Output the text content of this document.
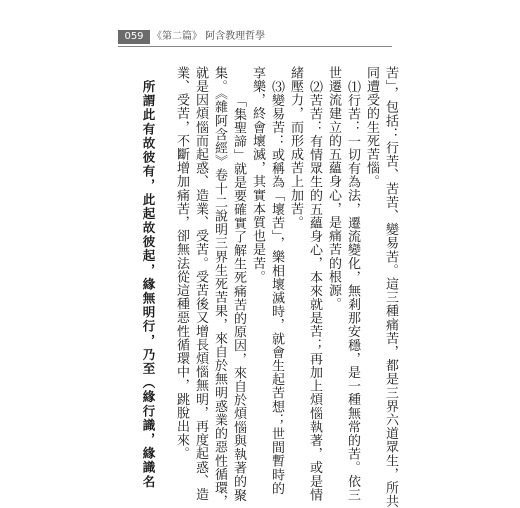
059 《第二篇》 阿含教理哲學
苦」，包括：行苦、苦苦、變易苦。這三種痛苦，都是三界六道眾生，所共
同遭受的生死苦惱。
⑴行苦：一切有為法，遷流變化，無剎那安穩，是一種無常的苦。依三
世遷流建立的五蘊身心，是痛苦的根源。
⑵苦苦：有情眾生的五蘊身心，本來就是苦；再加上煩惱執著，或是情
緒壓力，而形成苦上加苦。
⑶變易苦：或稱為「壞苦」，樂相壞滅時，就會生起苦想；世間暫時的
享樂，終會壞滅，其實本質也是苦。
「集聖諦」就是要確實了解生死痛苦的原因，來自於煩惱與執著的聚
集。《雜阿含經》卷十二說明三界生死苦果，來自於無明惑業的惡性循環，
就是因煩惱而起惑、造業、受苦。受苦後又增長煩惱無明，再度起惑、造
業、受苦，不斷增加痛苦，卻無法從這種惡性循環中，跳脫出來。
所謂此有故彼有，此起故彼起，緣無明行，乃至（緣行識，緣識名
